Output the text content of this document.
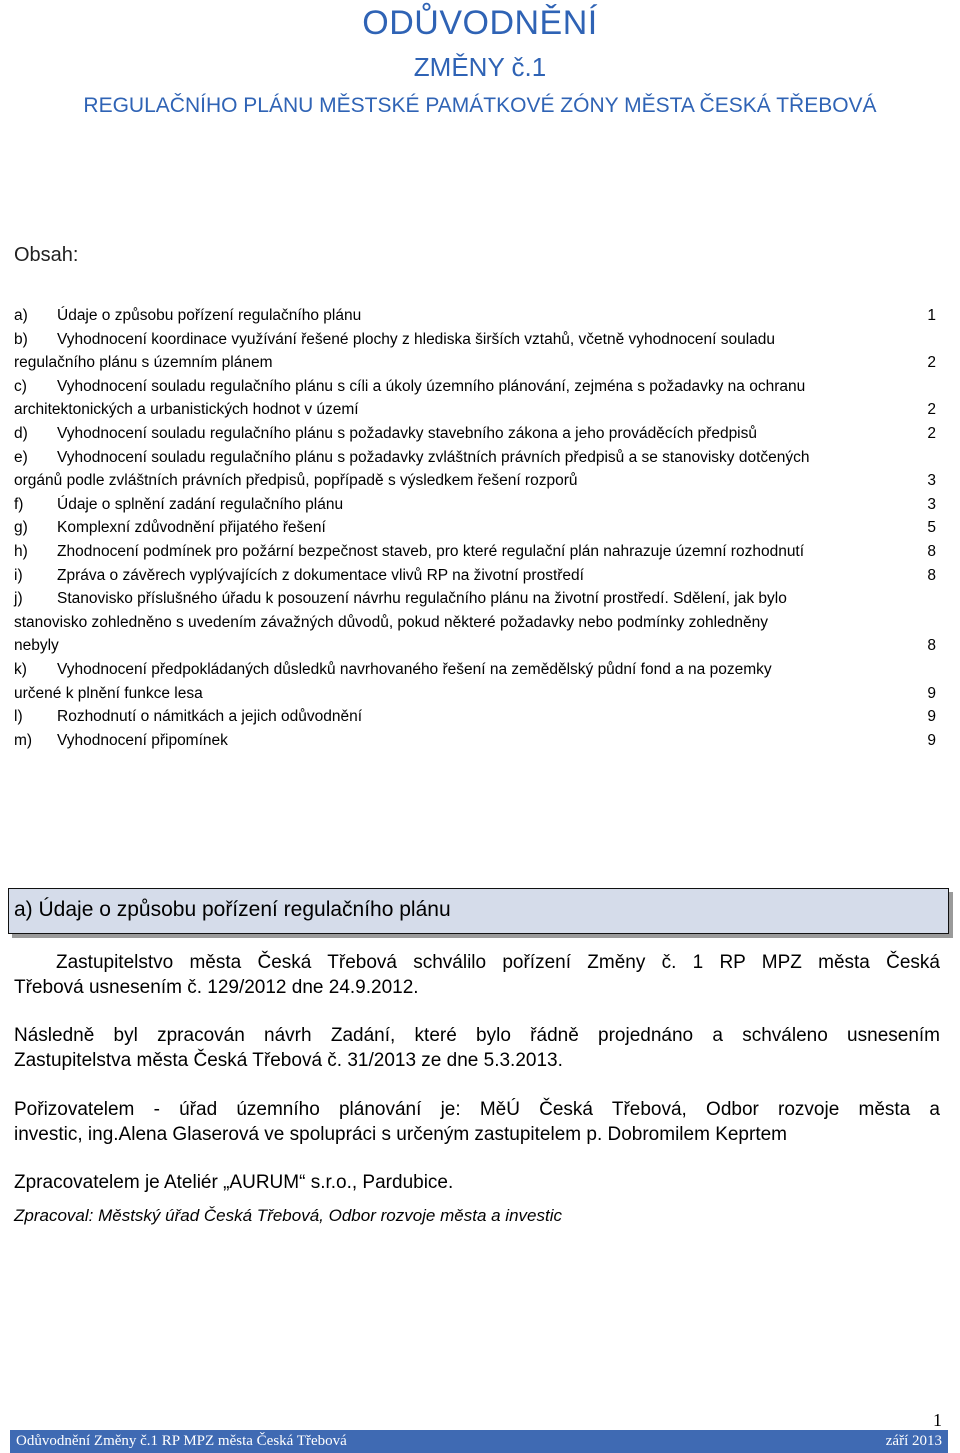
ODŮVODNĚNÍ
ZMĚNY č.1
REGULAČNÍHO PLÁNU MĚSTSKÉ PAMÁTKOVÉ ZÓNY MĚSTA ČESKÁ TŘEBOVÁ
Obsah:
a) Údaje o způsobu pořízení regulačního plánu	1
b) Vyhodnocení koordinace využívání řešené plochy z hlediska širších vztahů, včetně vyhodnocení souladu
regulačního plánu s územním plánem	2
c) Vyhodnocení souladu regulačního plánu s cíli a úkoly územního plánování, zejména s požadavky na ochranu
architektonických a urbanistických hodnot v území	2
d) Vyhodnocení souladu regulačního plánu s požadavky stavebního zákona a jeho prováděcích předpisů	2
e) Vyhodnocení souladu regulačního plánu s požadavky zvláštních právních předpisů a se stanovisky dotčených
orgánů podle zvláštních právních předpisů, popřípadě s výsledkem řešení rozporů	3
f) Údaje o splnění zadání regulačního plánu	3
g) Komplexní zdůvodnění přijatého řešení	5
h) Zhodnocení podmínek pro požární bezpečnost staveb, pro které regulační plán nahrazuje územní rozhodnutí	8
i) Zpráva o závěrech vyplývajících z dokumentace vlivů RP na životní prostředí	8
j) Stanovisko příslušného úřadu k posouzení návrhu regulačního plánu na životní prostředí. Sdělení, jak bylo
stanovisko zohledněno s uvedením závažných důvodů, pokud některé požadavky nebo podmínky zohledněny
nebyly	8
k) Vyhodnocení předpokládaných důsledků navrhovaného řešení na zemědělský půdní fond a na pozemky
určené k plnění funkce lesa	9
l) Rozhodnutí o námitkách a jejich odůvodnění	9
m) Vyhodnocení připomínek	9
a) Údaje o způsobu pořízení regulačního plánu
Zastupitelstvo města Česká Třebová schválilo pořízení Změny č. 1 RP MPZ města Česká
Třebová usnesením č. 129/2012 dne 24.9.2012.
Následně byl zpracován návrh Zadání, které bylo řádně projednáno a schváleno usnesením
Zastupitelstva města Česká Třebová č. 31/2013 ze dne 5.3.2013.
Pořizovatelem - úřad územního plánování je: MěÚ Česká Třebová, Odbor rozvoje města a
investic, ing.Alena Glaserová ve spolupráci s určeným zastupitelem p. Dobromilem Keprtem
Zpracovatelem je Ateliér „AURUM“ s.r.o., Pardubice.
Zpracoval: Městský úřad Česká Třebová, Odbor rozvoje města a investic
1
Odůvodnění Změny č.1 RP MPZ města Česká Třebová	září 2013
